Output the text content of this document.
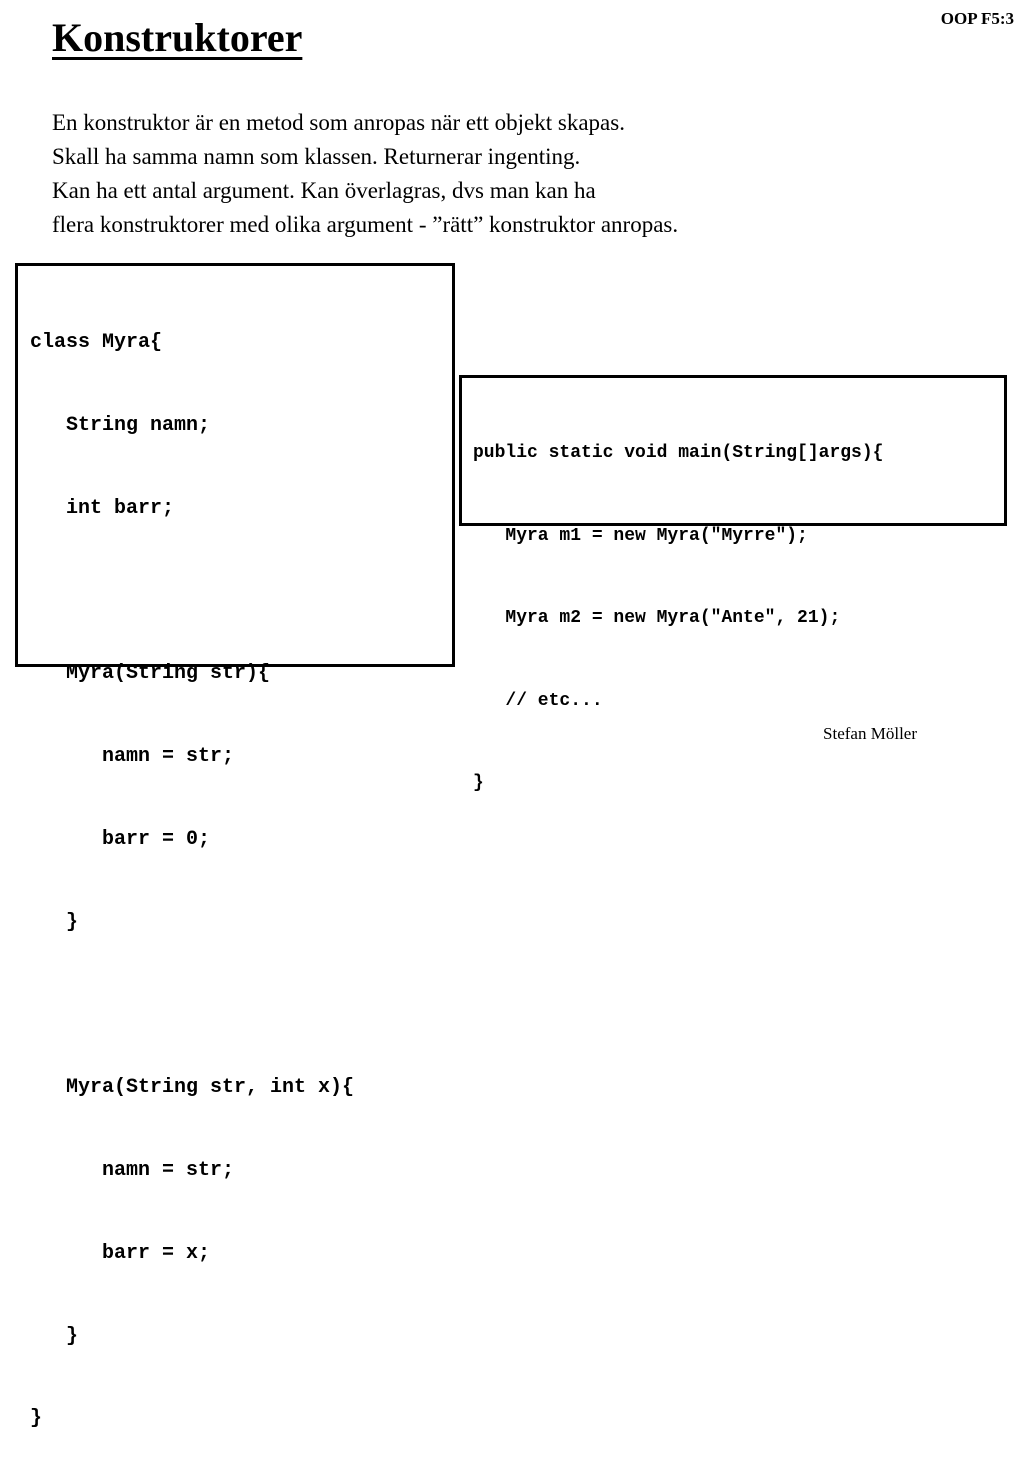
OOP F5:3
Konstruktorer
En konstruktor är en metod som anropas när ett objekt skapas.
Skall ha samma namn som klassen. Returnerar ingenting.
Kan ha ett antal argument. Kan överlagras, dvs man kan ha
flera konstruktorer med olika argument - ”rätt” konstruktor anropas.

class Myra{

String namn;

int barr;

Myra(String str){

namn = str;

barr = 0;

}

Myra(String str, int x){

namn = str;

barr = x;

}

}

public static void main(String[]args){

Myra m1 = new Myra("Myrre");

Myra m2 = new Myra("Ante", 21);

// etc...

}

Stefan Möller
